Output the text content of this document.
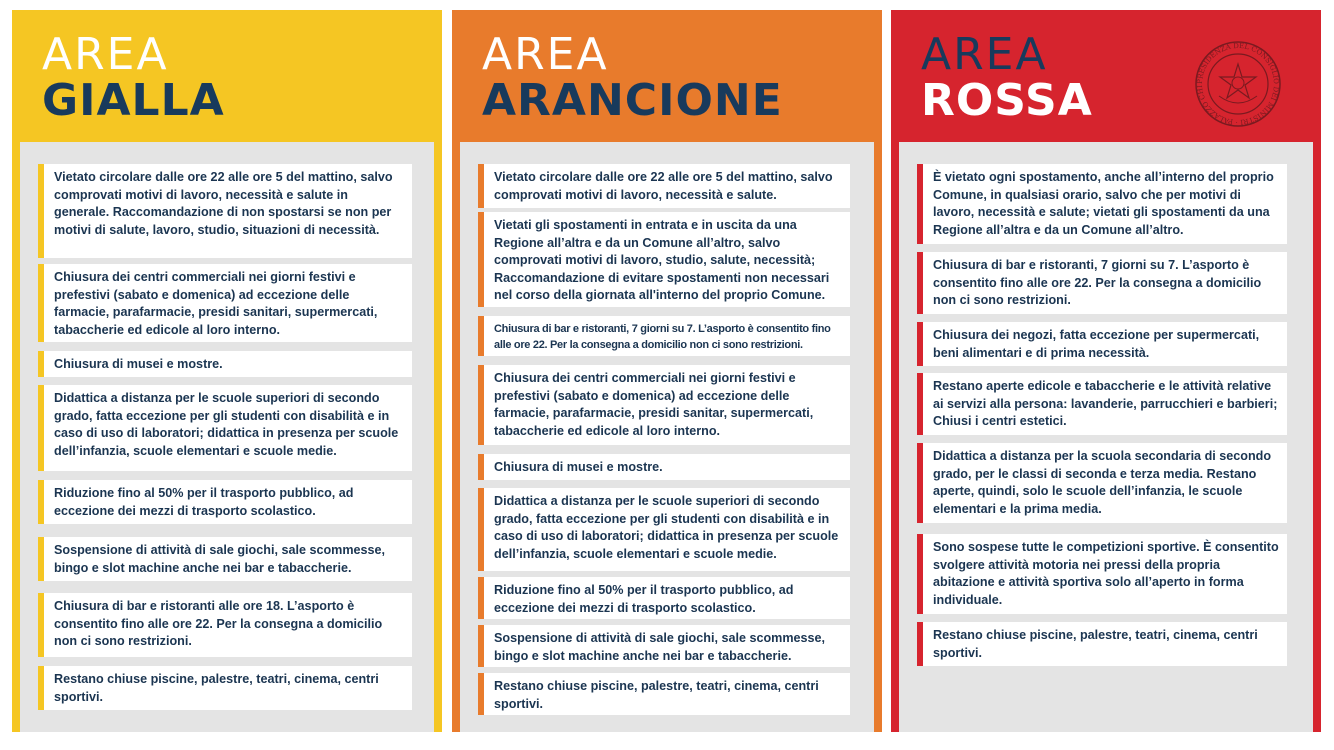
AREA
GIALLA
Vietato circolare dalle ore 22 alle ore 5 del mattino, salvo comprovati motivi di lavoro, necessità e salute in generale. Raccomandazione di non spostarsi se non per motivi di salute, lavoro, studio, situazioni di necessità.
Chiusura dei centri commerciali nei giorni festivi e prefestivi (sabato e domenica) ad eccezione delle farmacie, parafarmacie, presidi sanitari, supermercati, tabaccherie ed edicole al loro interno.
Chiusura di musei e mostre.
Didattica a distanza per le scuole superiori di secondo grado, fatta eccezione per gli studenti con disabilità e in caso di uso di laboratori; didattica in presenza per scuole dell’infanzia, scuole elementari e scuole medie.
Riduzione fino al 50% per il trasporto pubblico, ad eccezione dei mezzi di trasporto scolastico.
Sospensione di attività di sale giochi, sale scommesse, bingo e slot machine anche nei bar e tabaccherie.
Chiusura di bar e ristoranti alle ore 18. L’asporto è consentito fino alle ore 22. Per la consegna a domicilio non ci sono restrizioni.
Restano chiuse piscine, palestre, teatri, cinema, centri sportivi.
AREA
ARANCIONE
Vietato circolare dalle ore 22 alle ore 5 del mattino, salvo comprovati motivi di lavoro, necessità e salute.
Vietati gli spostamenti in entrata e in uscita da una Regione all’altra e da un Comune all’altro, salvo comprovati motivi di lavoro, studio, salute, necessità; Raccomandazione di evitare spostamenti non necessari nel corso della giornata all'interno del proprio Comune.
Chiusura di bar e ristoranti, 7 giorni su 7. L’asporto è consentito fino alle ore 22. Per la consegna a domicilio non ci sono restrizioni.
Chiusura dei centri commerciali nei giorni festivi e prefestivi (sabato e domenica) ad eccezione delle farmacie, parafarmacie, presidi sanitar, supermercati, tabaccherie ed edicole al loro interno.
Chiusura di musei e mostre.
Didattica a distanza per le scuole superiori di secondo grado, fatta eccezione per gli studenti con disabilità e in caso di uso di laboratori; didattica in presenza per scuole dell’infanzia, scuole elementari e scuole medie.
Riduzione fino al 50% per il trasporto pubblico, ad eccezione dei mezzi di trasporto scolastico.
Sospensione di attività di sale giochi, sale scommesse, bingo e slot machine anche nei bar e tabaccherie.
Restano chiuse piscine, palestre, teatri, cinema, centri sportivi.
AREA
ROSSA	PRESIDENZA DEL CONSIGLIO DEI MINISTRI · PALAZZO CHI
È vietato ogni spostamento, anche all’interno del proprio Comune, in qualsiasi orario, salvo che per motivi di lavoro, necessità e salute; vietati gli spostamenti da una Regione all’altra e da un Comune all’altro.
Chiusura di bar e ristoranti, 7 giorni su 7. L’asporto è consentito fino alle ore 22. Per la consegna a domicilio non ci sono restrizioni.
Chiusura dei negozi, fatta eccezione per supermercati, beni alimentari e di prima necessità.
Restano aperte edicole e tabaccherie e le attività relative ai servizi alla persona: lavanderie, parrucchieri e barbieri; Chiusi i centri estetici.
Didattica a distanza per la scuola secondaria di secondo grado, per le classi di seconda e terza media. Restano aperte, quindi, solo le scuole dell’infanzia, le scuole elementari e la prima media.
Sono sospese tutte le competizioni sportive. È consentito svolgere attività motoria nei pressi della propria abitazione e attività sportiva solo all’aperto in forma individuale.
Restano chiuse piscine, palestre, teatri, cinema, centri sportivi.
